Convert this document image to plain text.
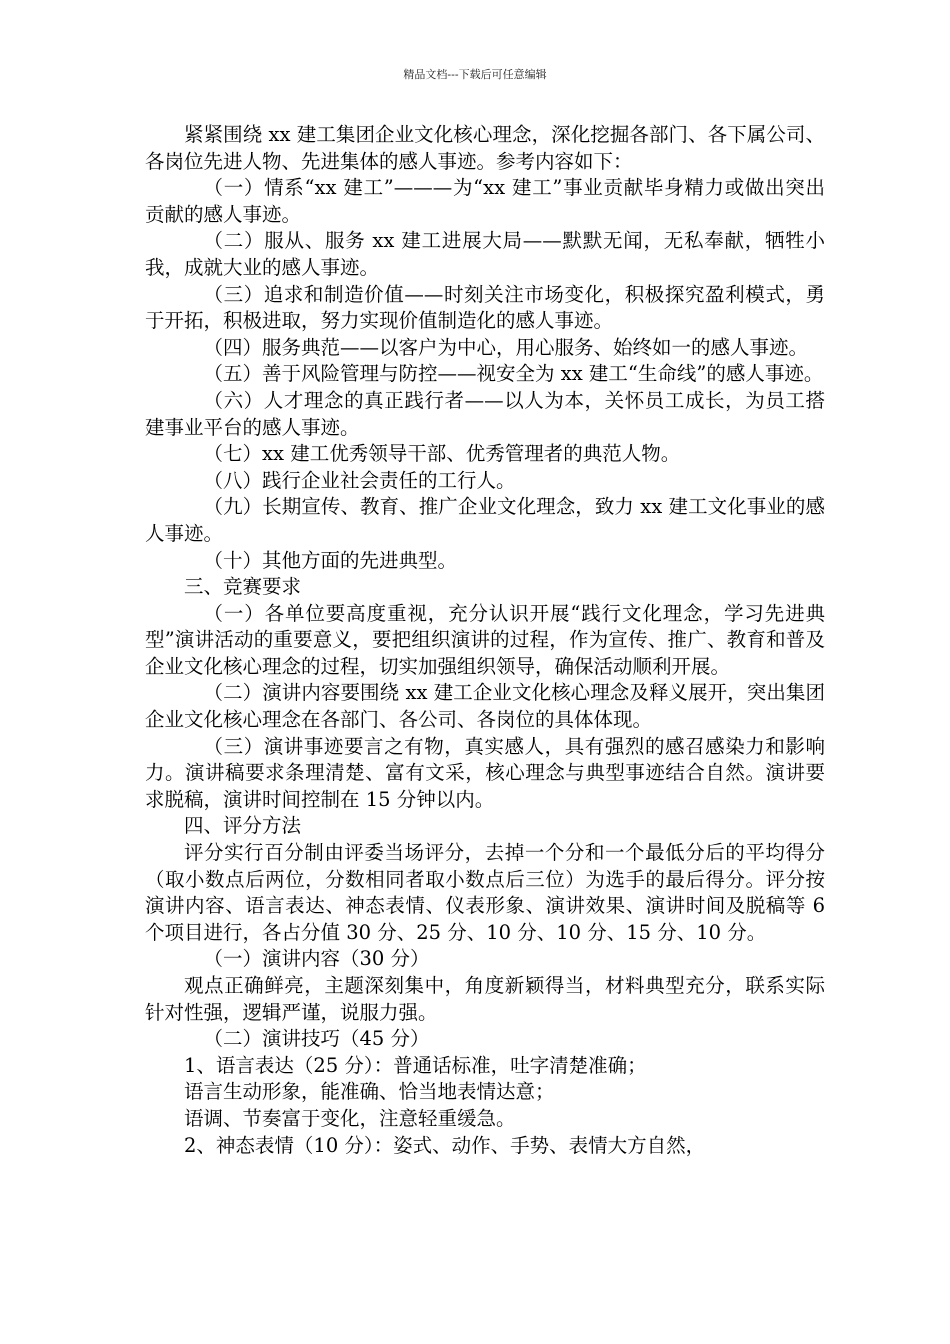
精品文档---下载后可任意编辑

紧紧围绕 xx 建工集团企业文化核心理念，深化挖掘各部门、各下属公司、各岗位先进人物、先进集体的感人事迹。参考内容如下：

（一）情系“xx 建工”———为“xx 建工”事业贡献毕身精力或做出突出贡献的感人事迹。

（二）服从、服务 xx 建工进展大局——默默无闻，无私奉献，牺牲小我，成就大业的感人事迹。

（三）追求和制造价值——时刻关注市场变化，积极探究盈利模式，勇于开拓，积极进取，努力实现价值制造化的感人事迹。

（四）服务典范——以客户为中心，用心服务、始终如一的感人事迹。

（五）善于风险管理与防控——视安全为 xx 建工“生命线”的感人事迹。

（六）人才理念的真正践行者——以人为本，关怀员工成长，为员工搭建事业平台的感人事迹。

（七）xx 建工优秀领导干部、优秀管理者的典范人物。

（八）践行企业社会责任的工行人。

（九）长期宣传、教育、推广企业文化理念，致力 xx 建工文化事业的感人事迹。

（十）其他方面的先进典型。

三、竞赛要求

（一）各单位要高度重视，充分认识开展“践行文化理念，学习先进典型”演讲活动的重要意义，要把组织演讲的过程，作为宣传、推广、教育和普及企业文化核心理念的过程，切实加强组织领导，确保活动顺利开展。

（二）演讲内容要围绕 xx 建工企业文化核心理念及释义展开，突出集团企业文化核心理念在各部门、各公司、各岗位的具体体现。

（三）演讲事迹要言之有物，真实感人，具有强烈的感召感染力和影响力。演讲稿要求条理清楚、富有文采，核心理念与典型事迹结合自然。演讲要求脱稿，演讲时间控制在 15 分钟以内。

四、评分方法

评分实行百分制由评委当场评分，去掉一个分和一个最低分后的平均得分（取小数点后两位，分数相同者取小数点后三位）为选手的最后得分。评分按演讲内容、语言表达、神态表情、仪表形象、演讲效果、演讲时间及脱稿等 6 个项目进行，各占分值 30 分、25 分、10 分、10 分、15 分、10 分。

（一）演讲内容（30 分）

观点正确鲜亮，主题深刻集中，角度新颖得当，材料典型充分，联系实际针对性强，逻辑严谨，说服力强。

（二）演讲技巧（45 分）

1、语言表达（25 分）：普通话标准，吐字清楚准确；

语言生动形象，能准确、恰当地表情达意；

语调、节奏富于变化，注意轻重缓急。

2、神态表情（10 分）：姿式、动作、手势、表情大方自然，
